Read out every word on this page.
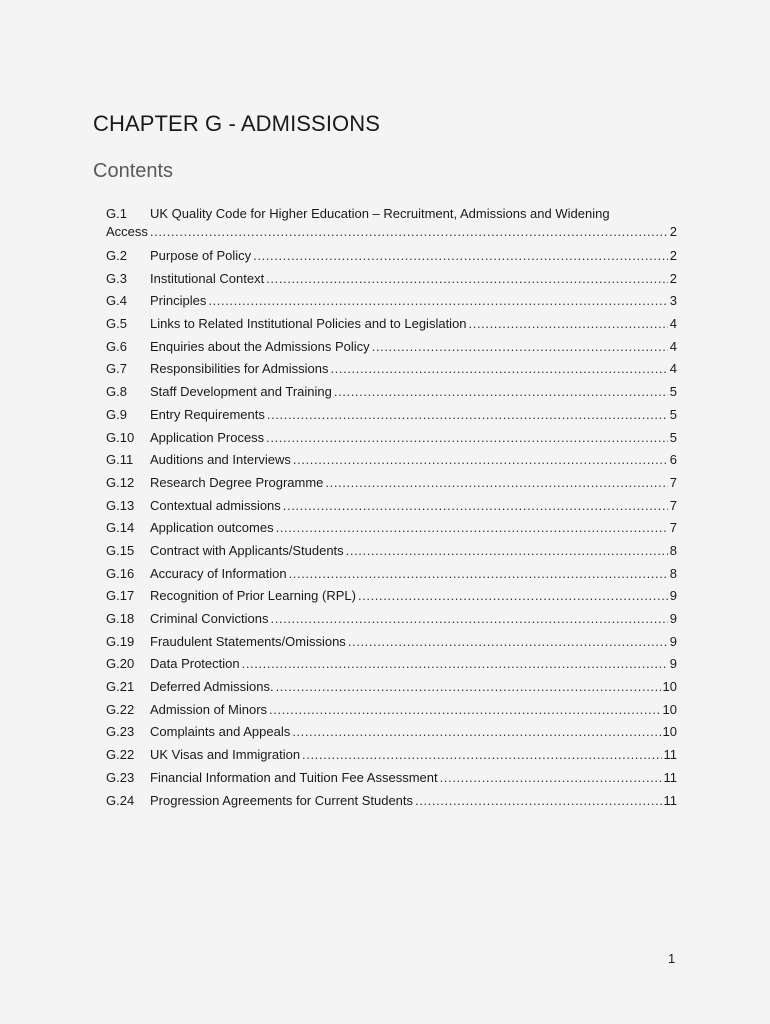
CHAPTER G - ADMISSIONS
Contents
G.1	UK Quality Code for Higher Education – Recruitment, Admissions and Widening
Access .....	2
G.2	Purpose of Policy .....	2
G.3	Institutional Context .....	2
G.4	Principles .....	3
G.5	Links to Related Institutional Policies and to Legislation .....	4
G.6	Enquiries about the Admissions Policy .....	4
G.7	Responsibilities for Admissions .....	4
G.8	Staff Development and Training .....	5
G.9	Entry Requirements .....	5
G.10	Application Process .....	5
G.11	Auditions and Interviews .....	6
G.12	Research Degree Programme .....	7
G.13	Contextual admissions .....	7
G.14	Application outcomes .....	7
G.15	Contract with Applicants/Students .....	8
G.16	Accuracy of Information .....	8
G.17	Recognition of Prior Learning (RPL) .....	9
G.18	Criminal Convictions .....	9
G.19	Fraudulent Statements/Omissions .....	9
G.20	Data Protection .....	9
G.21	Deferred Admissions. .....	10
G.22	Admission of Minors .....	10
G.23	Complaints and Appeals .....	10
G.22	UK Visas and Immigration .....	11
G.23	Financial Information and Tuition Fee Assessment .....	11
G.24	Progression Agreements for Current Students .....	11
1
